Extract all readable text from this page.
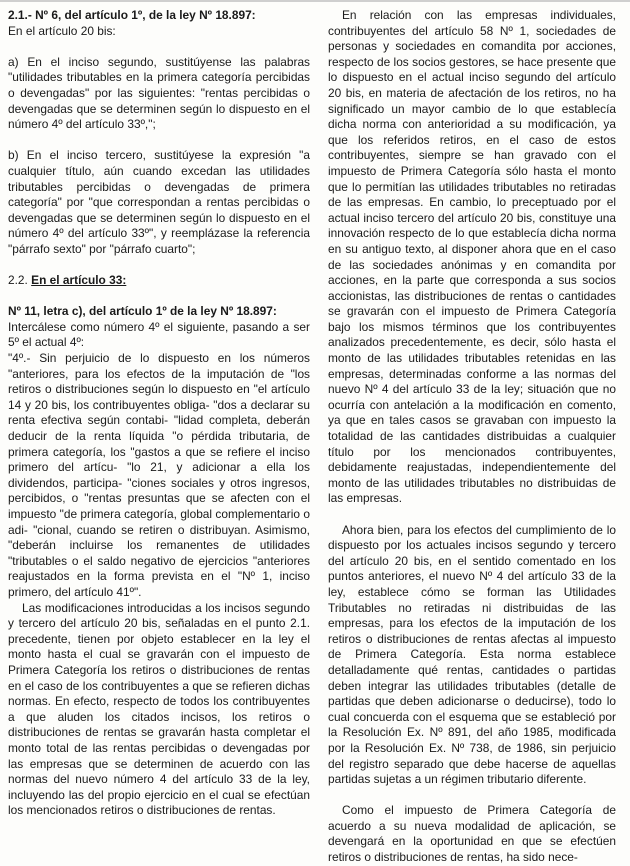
2.1.- Nº 6, del artículo 1º, de la ley Nº 18.897:

En el artículo 20 bis:

a) En el inciso segundo, sustitúyense las palabras "utilidades tributables en la primera categoría percibidas o devengadas" por las siguientes: "rentas percibidas o devengadas que se determinen según lo dispuesto en el número 4º del artículo 33º,";

b) En el inciso tercero, sustitúyese la expresión "a cualquier título, aún cuando excedan las utilidades tributables percibidas o devengadas de primera categoría" por "que correspondan a rentas percibidas o devengadas que se determinen según lo dispuesto en el número 4º del artículo 33º", y reemplázase la referencia "párrafo sexto" por "párrafo cuarto";

2.2. En el artículo 33:

Nº 11, letra c), del artículo 1º de la ley Nº 18.897:

Intercálese como número 4º el siguiente, pasando a ser 5º el actual 4º:

"4º.- Sin perjuicio de lo dispuesto en los números "anteriores, para los efectos de la imputación de "los retiros o distribuciones según lo dispuesto en "el artículo 14 y 20 bis, los contribuyentes obliga- "dos a declarar su renta efectiva según contabi- "lidad completa, deberán deducir de la renta líquida "o pérdida tributaria, de primera categoría, los "gastos a que se refiere el inciso primero del artícu- "lo 21, y adicionar a ella los dividendos, participa- "ciones sociales y otros ingresos, percibidos, o "rentas presuntas que se afecten con el impuesto "de primera categoría, global complementario o adi- "cional, cuando se retiren o distribuyan. Asimismo, "deberán incluirse los remanentes de utilidades "tributables o el saldo negativo de ejercicios "anteriores reajustados en la forma prevista en el "Nº 1, inciso primero, del artículo 41º".

Las modificaciones introducidas a los incisos segundo y tercero del artículo 20 bis, señaladas en el punto 2.1. precedente, tienen por objeto establecer en la ley el monto hasta el cual se gravarán con el impuesto de Primera Categoría los retiros o distribuciones de rentas en el caso de los contribuyentes a que se refieren dichas normas. En efecto, respecto de todos los contribuyentes a que aluden los citados incisos, los retiros o distribuciones de rentas se gravarán hasta completar el monto total de las rentas percibidas o devengadas por las empresas que se determinen de acuerdo con las normas del nuevo número 4 del artículo 33 de la ley, incluyendo las del propio ejercicio en el cual se efectúan los mencionados retiros o distribuciones de rentas.

En relación con las empresas individuales, contribuyentes del artículo 58 Nº 1, sociedades de personas y sociedades en comandita por acciones, respecto de los socios gestores, se hace presente que lo dispuesto en el actual inciso segundo del artículo 20 bis, en materia de afectación de los retiros, no ha significado un mayor cambio de lo que establecía dicha norma con anterioridad a su modificación, ya que los referidos retiros, en el caso de estos contribuyentes, siempre se han gravado con el impuesto de Primera Categoría sólo hasta el monto que lo permitían las utilidades tributables no retiradas de las empresas. En cambio, lo preceptuado por el actual inciso tercero del artículo 20 bis, constituye una innovación respecto de lo que establecía dicha norma en su antiguo texto, al disponer ahora que en el caso de las sociedades anónimas y en comandita por acciones, en la parte que corresponda a sus socios accionistas, las distribuciones de rentas o cantidades se gravarán con el impuesto de Primera Categoría bajo los mismos términos que los contribuyentes analizados precedentemente, es decir, sólo hasta el monto de las utilidades tributables retenidas en las empresas, determinadas conforme a las normas del nuevo Nº 4 del artículo 33 de la ley; situación que no ocurría con antelación a la modificación en comento, ya que en tales casos se gravaban con impuesto la totalidad de las cantidades distribuidas a cualquier título por los mencionados contribuyentes, debidamente reajustadas, independientemente del monto de las utilidades tributables no distribuidas de las empresas.

Ahora bien, para los efectos del cumplimiento de lo dispuesto por los actuales incisos segundo y tercero del artículo 20 bis, en el sentido comentado en los puntos anteriores, el nuevo Nº 4 del artículo 33 de la ley, establece cómo se forman las Utilidades Tributables no retiradas ni distribuidas de las empresas, para los efectos de la imputación de los retiros o distribuciones de rentas afectas al impuesto de Primera Categoría. Esta norma establece detalladamente qué rentas, cantidades o partidas deben integrar las utilidades tributables (detalle de partidas que deben adicionarse o deducirse), todo lo cual concuerda con el esquema que se estableció por la Resolución Ex. Nº 891, del año 1985, modificada por la Resolución Ex. Nº 738, de 1986, sin perjuicio del registro separado que debe hacerse de aquellas partidas sujetas a un régimen tributario diferente.

Como el impuesto de Primera Categoría de acuerdo a su nueva modalidad de aplicación, se devengará en la oportunidad en que se efectúen retiros o distribuciones de rentas, ha sido nece-
